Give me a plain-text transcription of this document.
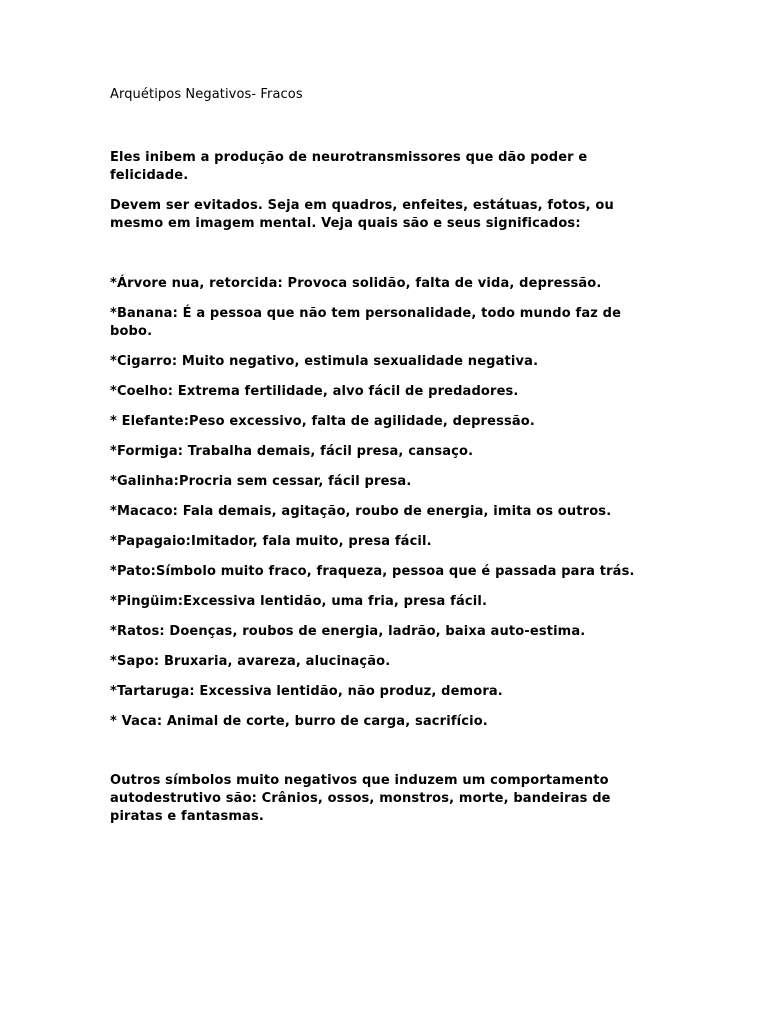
Arquétipos Negativos- Fracos

Eles inibem a produção de neurotransmissores que dão poder e felicidade.

Devem ser evitados. Seja em quadros, enfeites, estátuas, fotos, ou mesmo em imagem mental. Veja quais são e seus significados:

*Árvore nua, retorcida: Provoca solidão, falta de vida, depressão.
*Banana: É a pessoa que não tem personalidade, todo mundo faz de bobo.
*Cigarro: Muito negativo, estimula sexualidade negativa.
*Coelho: Extrema fertilidade, alvo fácil de predadores.
* Elefante:Peso excessivo, falta de agilidade, depressão.
*Formiga: Trabalha demais, fácil presa, cansaço.
*Galinha:Procria sem cessar, fácil presa.
*Macaco: Fala demais, agitação, roubo de energia, imita os outros.
*Papagaio:Imitador, fala muito, presa fácil.
*Pato:Símbolo muito fraco, fraqueza, pessoa que é passada para trás.
*Pingüim:Excessiva lentidão, uma fria, presa fácil.
*Ratos: Doenças, roubos de energia, ladrão, baixa auto-estima.
*Sapo: Bruxaria, avareza, alucinação.
*Tartaruga: Excessiva lentidão, não produz, demora.
* Vaca: Animal de corte, burro de carga, sacrifício.

Outros símbolos muito negativos que induzem um comportamento autodestrutivo são: Crânios, ossos, monstros, morte, bandeiras de piratas e fantasmas.
